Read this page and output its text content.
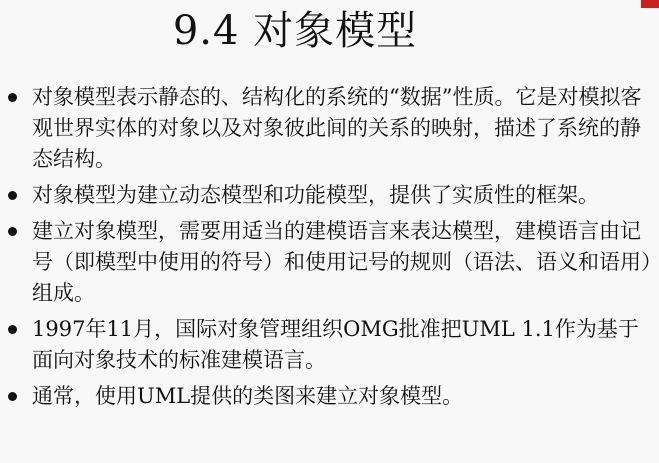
9.4 对象模型
对象模型表示静态的、结构化的系统的“数据”性质。它是对模拟客观世界实体的对象以及对象彼此间的关系的映射，描述了系统的静态结构。
对象模型为建立动态模型和功能模型，提供了实质性的框架。
建立对象模型，需要用适当的建模语言来表达模型，建模语言由记号（即模型中使用的符号）和使用记号的规则（语法、语义和语用）组成。
1997年11月，国际对象管理组织OMG批准把UML 1.1作为基于面向对象技术的标准建模语言。
通常，使用UML提供的类图来建立对象模型。
